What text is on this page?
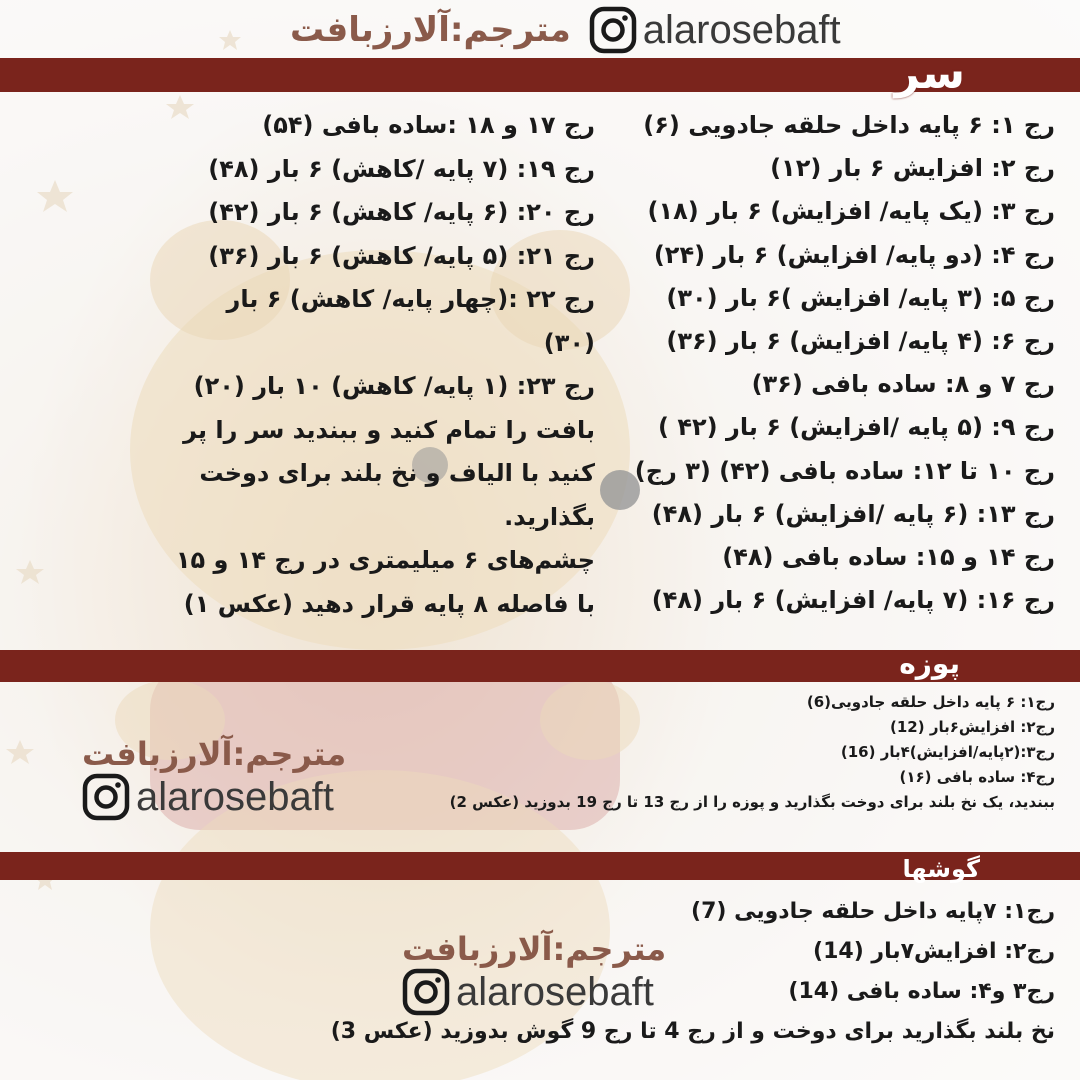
مترجم:آلارزبافت alarosebaft
سر
رج ۱: ۶ پایه داخل حلقه جادویی (۶)
رج ۲: افزایش ۶ بار (۱۲)
رج ۳: (یک پایه/ افزایش) ۶ بار (۱۸)
رج ۴: (دو پایه/ افزایش) ۶ بار (۲۴)
رج ۵: (۳ پایه/ افزایش )۶ بار (۳۰)
رج ۶: (۴ پایه/ افزایش) ۶ بار (۳۶)
رج ۷ و ۸: ساده بافی (۳۶)
رج ۹: (۵ پایه /افزایش) ۶ بار (۴۲ )
رج ۱۰ تا ۱۲: ساده بافی (۴۲) (۳ رج)
رج ۱۳: (۶ پایه /افزایش) ۶ بار (۴۸)
رج ۱۴ و ۱۵: ساده بافی (۴۸)
رج ۱۶: (۷ پایه/ افزایش) ۶ بار (۴۸)
رج ۱۷ و ۱۸ :ساده بافی (۵۴)
رج ۱۹: (۷ پایه /کاهش) ۶ بار (۴۸)
رج ۲۰: (۶ پایه/ کاهش) ۶ بار (۴۲)
رج ۲۱: (۵ پایه/ کاهش) ۶ بار (۳۶)
رج ۲۲ :(چهار پایه/ کاهش) ۶ بار (۳۰)
رج ۲۳: (۱ پایه/ کاهش) ۱۰ بار (۲۰)
بافت را تمام کنید و ببندید سر را پر کنید با الیاف و نخ بلند برای دوخت بگذارید.
چشم‌های ۶ میلیمتری در رج ۱۴ و ۱۵ با فاصله ۸ پایه قرار دهید (عکس ۱)
پوزه
رج۱: ۶ پایه داخل حلقه جادویی(6)
رج۲: افزایش۶بار (12)
رج۳:(۲پایه/افزایش)۴بار (16)
رج۴: ساده بافی (۱۶)
ببندید، یک نخ بلند برای دوخت بگذارید و پوزه را از رج 13 تا رج 19 بدوزید (عکس 2)
مترجم:آلارزبافت
alarosebaft
گوشها
رج۱: ۷پایه داخل حلقه جادویی (7)
رج۲: افزایش۷بار (14)
رج۳ و۴: ساده بافی (14)
نخ بلند بگذارید برای دوخت و از رج 4 تا رج 9 گوش بدوزید (عکس 3)
مترجم:آلارزبافت
alarosebaft
